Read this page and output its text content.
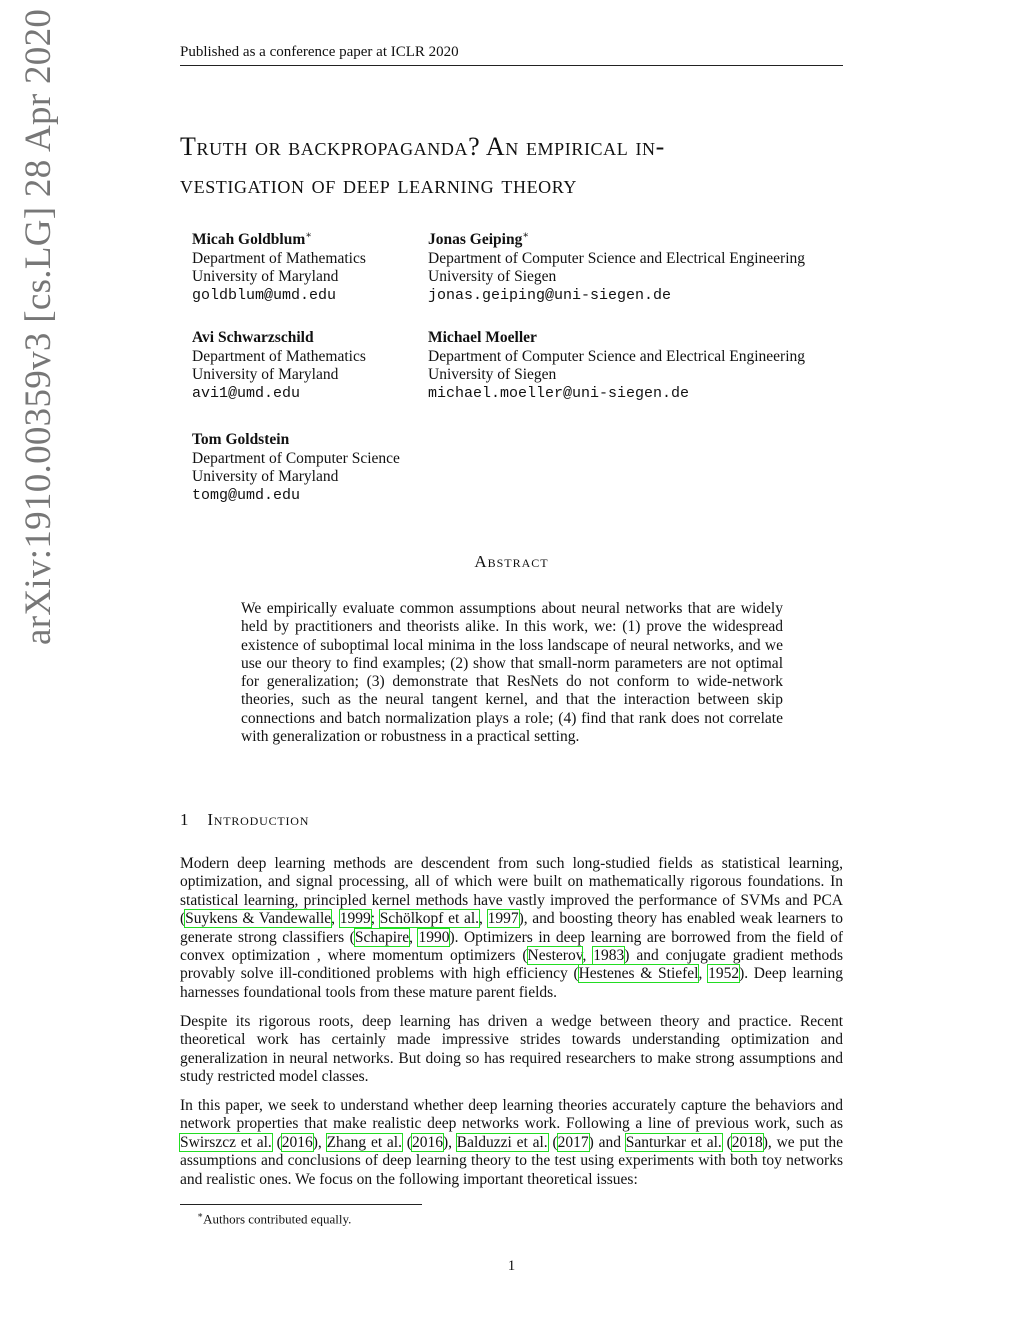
Published as a conference paper at ICLR 2020
arXiv:1910.00359v3 [cs.LG] 28 Apr 2020	Truth or backpropaganda? An empirical in-
vestigation of deep learning theory
Micah Goldblum∗
Department of Mathematics
University of Maryland
goldblum@umd.edu
Jonas Geiping∗
Department of Computer Science and Electrical Engineering
University of Siegen
jonas.geiping@uni-siegen.de
Avi Schwarzschild
Department of Mathematics
University of Maryland
avi1@umd.edu
Michael Moeller
Department of Computer Science and Electrical Engineering
University of Siegen
michael.moeller@uni-siegen.de
Tom Goldstein
Department of Computer Science
University of Maryland
tomg@umd.edu
Abstract
We empirically evaluate common assumptions about neural networks that are widely held by practitioners and theorists alike. In this work, we: (1) prove the widespread existence of suboptimal local minima in the loss landscape of neural networks, and we use our theory to find examples; (2) show that small-norm parameters are not optimal for generalization; (3) demonstrate that ResNets do not conform to wide-network theories, such as the neural tangent kernel, and that the interaction between skip connections and batch normalization plays a role; (4) find that rank does not correlate with generalization or robustness in a practical setting.
1 Introduction
Modern deep learning methods are descendent from such long-studied fields as statistical learning, optimization, and signal processing, all of which were built on mathematically rigorous foundations. In statistical learning, principled kernel methods have vastly improved the performance of SVMs and PCA (Suykens & Vandewalle, 1999; Schölkopf et al., 1997), and boosting theory has enabled weak learners to generate strong classifiers (Schapire, 1990). Optimizers in deep learning are borrowed from the field of convex optimization , where momentum optimizers (Nesterov, 1983) and conjugate gradient methods provably solve ill-conditioned problems with high efficiency (Hestenes & Stiefel, 1952). Deep learning harnesses foundational tools from these mature parent fields.
Despite its rigorous roots, deep learning has driven a wedge between theory and practice. Recent theoretical work has certainly made impressive strides towards understanding optimization and generalization in neural networks. But doing so has required researchers to make strong assumptions and study restricted model classes.
In this paper, we seek to understand whether deep learning theories accurately capture the behaviors and network properties that make realistic deep networks work. Following a line of previous work, such as Swirszcz et al. (2016), Zhang et al. (2016), Balduzzi et al. (2017) and Santurkar et al. (2018), we put the assumptions and conclusions of deep learning theory to the test using experiments with both toy networks and realistic ones. We focus on the following important theoretical issues:
∗Authors contributed equally.
1
